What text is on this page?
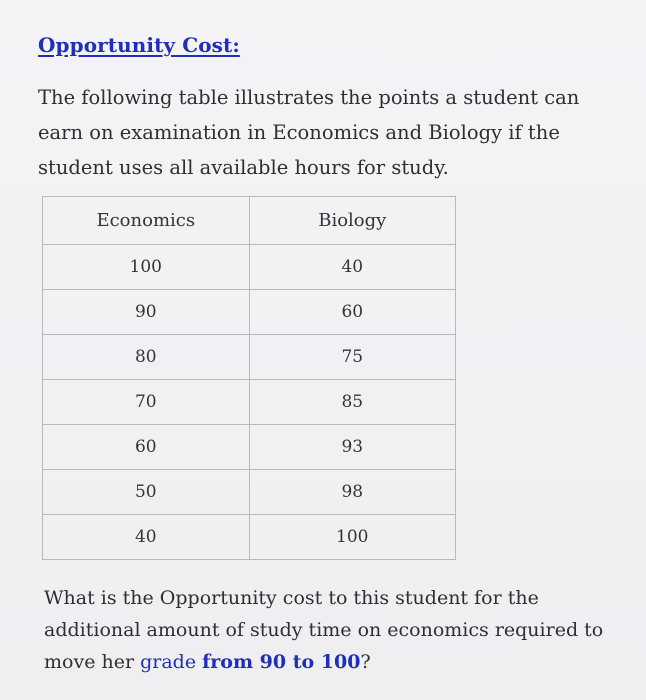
Opportunity Cost:
The following table illustrates the points a student can earn on examination in Economics and Biology if the student uses all available hours for study.
Economics	Biology
100	40
90	60
80	75
70	85
60	93
50	98
40	100
What is the Opportunity cost to this student for the additional amount of study time on economics required to move her grade from 90 to 100?
